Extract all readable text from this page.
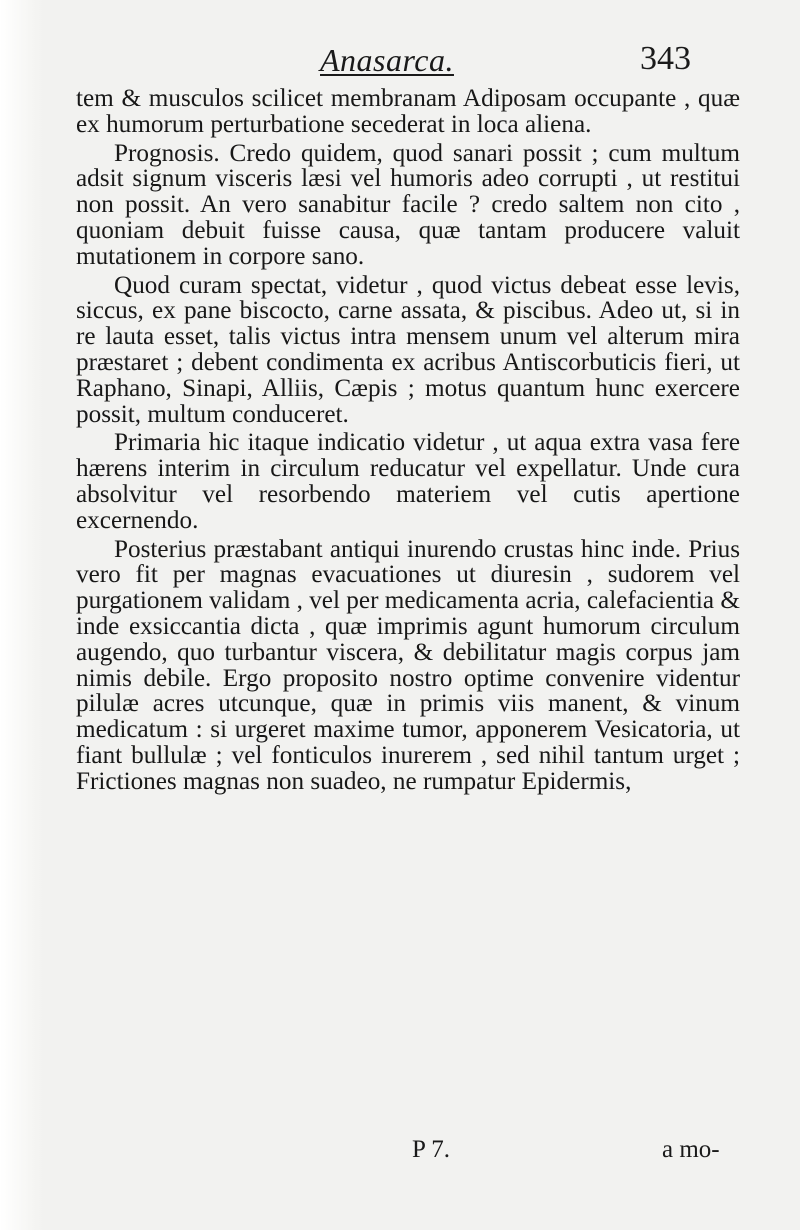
Anasarca.	343

tem & musculos scilicet membranam Adiposam occupante , quæ ex humorum perturbatione secederat in loca aliena.

Prognosis. Credo quidem, quod sanari possit ; cum multum adsit signum visceris læsi vel humoris adeo corrupti , ut restitui non possit. An vero sanabitur facile ? credo saltem non cito , quoniam debuit fuisse causa, quæ tantam producere valuit mutationem in corpore sano.

Quod curam spectat, videtur , quod victus debeat esse levis, siccus, ex pane biscocto, carne assata, & piscibus. Adeo ut, si in re lauta esset, talis victus intra mensem unum vel alterum mira præstaret ; debent condimenta ex acribus Antiscorbuticis fieri, ut Raphano, Sinapi, Alliis, Cæpis ; motus quantum hunc exercere possit, multum conduceret.

Primaria hic itaque indicatio videtur , ut aqua extra vasa fere hærens interim in circulum reducatur vel expellatur. Unde cura absolvitur vel resorbendo materiem vel cutis apertione excernendo.

Posterius præstabant antiqui inurendo crustas hinc inde. Prius vero fit per magnas evacuationes ut diuresin , sudorem vel purgationem validam , vel per medicamenta acria, calefacientia & inde exsiccantia dicta , quæ imprimis agunt humorum circulum augendo, quo turbantur viscera, & debilitatur magis corpus jam nimis debile. Ergo proposito nostro optime convenire videntur pilulæ acres utcunque, quæ in primis viis manent, & vinum medicatum : si urgeret maxime tumor, apponerem Vesicatoria, ut fiant bullulæ ; vel fonticulos inurerem , sed nihil tantum urget ; Frictiones magnas non suadeo, ne rumpatur Epidermis,

P 7.	a mo-
